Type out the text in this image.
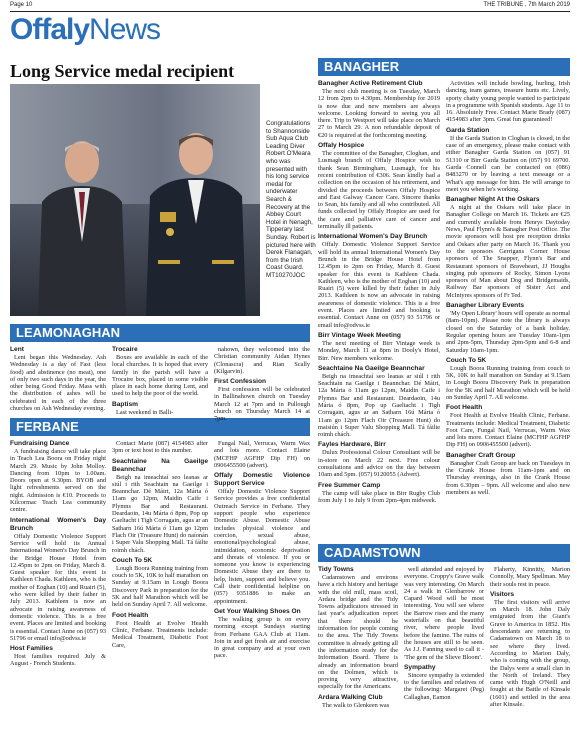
Page 10	THE TRIBUNE , 7th March 2019
Offaly News
Long Service medal recipient
Congratulations to Shannonside Sub Aqua Club Leading Diver Robert O'Meara who was presented with his long service medal for underwater Search & Recovery at the Abbey Court Hotel in Nenagh, Tipperary last Sunday. Robert is pictured here with Derek Flanagan, from the Irish Coast Guard. MT10270JOC
BANAGHER
LEAMONAGHAN
FERBANE
CADAMSTOWN
Banagher Active Retirement Club

The next club meeting is on Tuesday, March 12 from 2pm to 4.30pm. Membership for 2019 is now due and new members are always welcome. Looking forward to seeing you all there. Trip to Westport will take place on March 27 to March 29. A non refundable deposit of €20 is required at the forthcoming meeting.

Offaly Hospice

The committee of the Banagher, Cloghan, and Lusmagh branch of Offaly Hospice wish to thank Sean Birmingham, Lusmagh, for his recent contribution of €306. Sean kindly had a collection on the occasion of his retirement, and divided the proceeds between Offaly Hospice and East Galway Cancer Care. Sincere thanks to Sean, his family and all who contributed. All funds collected by Offaly Hospice are used for the care and palliative care of cancer and terminally ill patients.

International Women's Day Brunch

Offaly Domestic Violence Support Service will hold its annual International Women's Day Brunch in the Bridge House Hotel from 12.45pm to 2pm on Friday, March 8. Guest speaker for this event is Kathleen Chada. Kathleen, who is the mother of Eoghan (10) and Ruairi (5) were killed by their father in July 2013. Kathleen is now an advocate in raising awareness of domestic violence. This is a free event. Places are limited and booking is essential. Contact Anne on (057) 93 51796 or email info@odvss.ie

Birr Vintage Week Meeting

The next meeting of Birr Vintage week is Monday, March 11 at 8pm in Dooly's Hotel, Birr. New members welcome.

Seachtaine Na Gaeilge Beannchar

Beigh na imeachtaí seo leanas ar siúl i rith Seachtain na Gaeilge i Beannchar. Dé Máirt, 12a Márta ó 11am go 12pm, Maidin Caife i Plymns Bar and Restaurant. Deardaoin, 14u Márta ó 8pm, Pop up Gaeltacht i Tigh Corragain, agus ar an Satharn 16ú Márta ó 11am go 12pm Flach Oir (Treasure Hunt) do maisiún i Super Valu Shopping Mall. Tá fáilte roimh chách.

Fayles Hardware, Birr

Dulux Professional Colour Consultant will be in-store on March 22 next. Free colour consultations and advice on the day between 10am and 5pm. (057) 9120055 (Advert).

Free Summer Camp

The camp will take place in Birr Rugby Club from July 1 to July 9 from 2pm-4pm midweek.

Activities will include bowling, hurling, Irish dancing, team games, treasure hunts etc. Lively, sporty chatty young people wanted to participate in a programme with Spanish students. Age 11 to 16. Absolutely Free. Contact Marie Brady (087) 4154983 after 3pm. Great fun guaranteed!

Garda Station

If the Garda Station in Cloghan is closed, in the case of an emergency, please make contact with either Banagher Garda Station on (057) 91 51310 or Birr Garda Station on (057) 91 69700. Garda Connell can be contacted on (086) 8483270 or by leaving a text message or a What's app message for him. He will arrange to meet you when he's working.

Banagher Night At the Oskars

A night at the Oskars will take place in Banagher College on March 16. Tickets are €25 and currently available from Henrys Daytoday News, Paul Flynn's & Banagher Post Office. The movie sponsors will host pre reception drinks and Oskars after party on March 16. Thank you to the sponsors Gerrigans Corner House sponsors of The Snapper, Flynn's Bar and Restaurant sponsors of Braveheart, JJ Houghs singing pub sponsors of Rocky, Simon Lyons sponsors of Man about Dog and Bridgemaids, Railway Bar sponsors of Sister Act and McIntyres sponsors of Fr Ted.

Banagher Library Events

'My Open Library' hours will operate as normal (8am-10pm). Please note the library is always closed on the Saturday of a bank holiday. Regular opening hours are Tuesday 10am-1pm and 2pm-5pm, Thursday 2pm-5pm and 6-8 and Saturday 10am-1pm.

Couch To 5K

Lough Boora Running training from couch to 5K, 10K to half marathon on Sunday at 9.15am in Lough Boora Discovery Park in preparation for the 5K and half Marathon which will be held on Sunday April 7. All welcome.

Foot Health

Foot Health at Evolve Health Clinic, Ferbane. Treatments include: Medical Treatment, Diabetic Foot Care, Fungal Nail, Verrucas, Warm Wax and lots more. Contact Elaine (MCFHP AGFHP Dip FH) on 0906455500 (advert).

Banagher Craft Group

Banagher Craft Group are back on Tuesdays in the Crank House from 11am-1pm and on Thursday evenings, also in the Crank House from 6.30pm – 9pm. All welcome and also new members as well.

Lent

Lent began this Wednesday. Ash Wednesday is a day of Fast (less food) and abstinence (no meat), one of only two such days in the year, the other being Good Friday. Mass with the distribution of ashes will be celebrated in each of the three churches on Ash Wednesday evening.

Trocaire

Boxes are available in each of the local churches. It is hoped that every family in the parish will have a Trocaire box, placed in some visible place in each home during Lent, and used to help the poor of the world.

Baptism

Last weekend in Balli-

nahown, they welcomed into the Christian community Aidan Hynes (Clonascra) and Rian Scally (Kilgarvin).

First Confession

First confession will be celebrated in Ballinahown church on Tuesday March 12 at 7pm and in Pullough church on Thursday March 14 at 7pm.

Fundraising Dance

A fundraising dance will take place in Teach Lea Boora on Friday night March 29. Music by John Molloy. Dancing from 10pm to 1.00am. Doors open at 9.30pm. BYOB and light refreshments served on the night. Admission is €10. Proceeds to Kilcormac Teach Lea community centre.

International Women's Day Brunch

Offaly Domestic Violence Support Service will hold its Annual International Women's Day Brunch in the Bridge House Hotel from 12.45pm to 2pm on Friday, March 8. Guest speaker for this event is Kathleen Chada. Kathleen, who is the mother of Eoghan (10) and Ruairi (5), who were killed by their father in July 2013. Kathleen is now an advocate in raising awareness of domestic violence. This is a free event. Places are limited and booking is essential. Contact Anne on (057) 93 51796 or email info@odvss.ie

Host Families

Host families required July & August - French Students.

Contact Marie (087) 4154983 after 3pm or text host to this number.

Seachtaine Na Gaeilge Beannchar

Beigh na imeachtaí seo leanas ar siúl i rith Seachtain na Gaeilge i Beannchar. Dé Máirt, 12a Márta ó 11am go 12pm, Maidin Caife i Plymns Bar and Restaurant. Deardaoin, 14u Márta ó 8pm, Pop up Gaeltacht i Tigh Corragain, agus ar an Satharn 16ú Márta ó 11am go 12pm Flach Oir (Treasure Hunt) do naíonán i Super Valu Shopping Mall. Tá fáilte roimh chách.

Couch To 5K

Lough Boora Running training from couch to 5K, 10K to half marathon on Sunday at 9.15am in Lough Boora Discovery Park in preparation for the 5K and half Marathon which will be held on Sunday April 7. All welcome.

Foot Health

Foot Health at Evolve Health Clinic, Ferbane. Treatments include: Medical Treatment, Diabetic Foot Care,

Fungal Nail, Verrucas, Warm Wax and lots more. Contact Elaine (MCFHP AGFHP Dip FH) on 0906455500 (advert).

Offaly Domestic Violence Support Service

Offaly Domestic Violence Support Service provides a free confidential Outreach Service in Ferbane. They support people who experience Domestic Abuse. Domestic Abuse includes physical violence and coercion, sexual abuse, emotional/psychological abuse, intimidation, economic deprivation and threats of violence. If you or someone you know is experiencing Domestic Abuse they are there to help, listen, support and believe you. Call their confidential helpline on (057) 9351886 to make an appointment.

Get Your Walking Shoes On

The walking group is on every morning except Sundays starting from Ferbane GAA Club at 11am. Join in and get fresh air and exercise in great company and at your own pace.

Tidy Towns

Cadamstown and environs have a rich history and heritage with the old mill, mass scoil, Ardara bridge and the Tidy Towns adjudicators stressed in last year's adjudication report that there should be information for people coming to the area. The Tidy Towns committee is already getting all the information ready for the Information Board. There is already an information board on the Dolmen, which is proving very attractive, especially for the Americans.

Ardara Walking Club

The walk to Glenkeen was

well attended and enjoyed by everyone. Croppy's Grave walk was very interesting. On March 24 a walk in Glenbarrow or Capard Wood will be most interesting. You will see where the Barrow rises and the many waterfalls on that beautiful river, where people lived before the famine. The ruins of the houses are still to be seen. As J.J. Fanning used to call it - 'The gem of the Slieve Bloom'.

Sympathy

Sincere sympathy is extended to the families and relatives of the following: Margaret (Peg) Callaghan, Eamon

Flaherty, Kinnitty, Marion Connolly, Mary Spellman. May their souls rest in peace.

Visitors

The first visitors will arrive on March 18. John Daly emigrated from the Giant's Grave to America in 1852. His descendants are returning to Cadamstown on March 18 to see where they lived. According to Marion Daly, who is coming with the group, the Dalys were a small clan in the North of Ireland. They came with Hugh O'Neill and fought at the Battle of Kinsale (1601) and settled in the area after Kinsale.
